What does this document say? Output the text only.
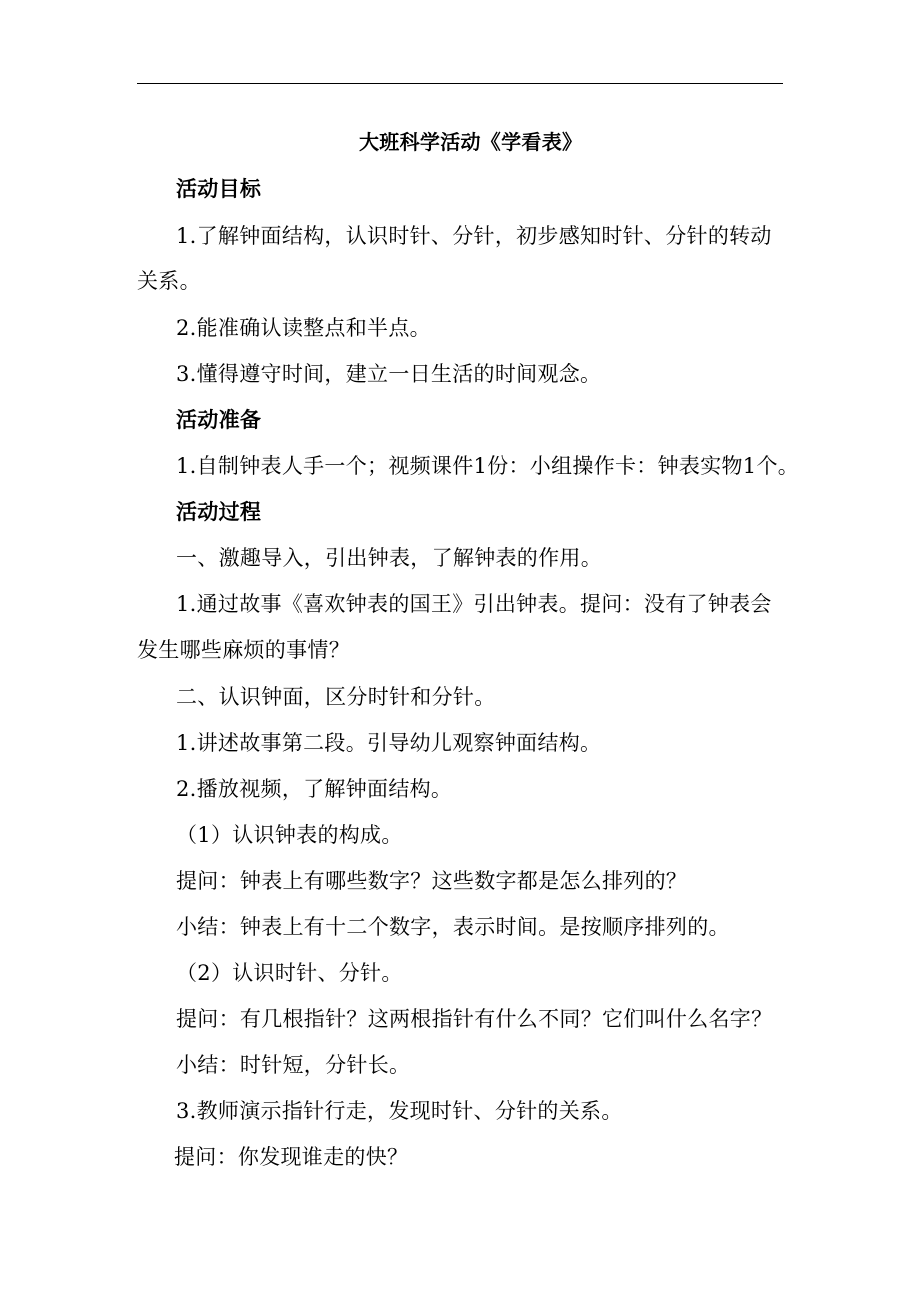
大班科学活动《学看表》
活动目标
1.了解钟面结构，认识时针、分针，初步感知时针、分针的转动
关系。
2.能准确认读整点和半点。
3.懂得遵守时间，建立一日生活的时间观念。
活动准备
1.自制钟表人手一个；视频课件1份：小组操作卡：钟表实物1个。
活动过程
一、激趣导入，引出钟表，了解钟表的作用。
1.通过故事《喜欢钟表的国王》引出钟表。提问：没有了钟表会
发生哪些麻烦的事情？
二、认识钟面，区分时针和分针。
1.讲述故事第二段。引导幼儿观察钟面结构。
2.播放视频，了解钟面结构。
（1）认识钟表的构成。
提问：钟表上有哪些数字？这些数字都是怎么排列的？
小结：钟表上有十二个数字，表示时间。是按顺序排列的。
（2）认识时针、分针。
提问：有几根指针？这两根指针有什么不同？它们叫什么名字？
小结：时针短，分针长。
3.教师演示指针行走，发现时针、分针的关系。
提问：你发现谁走的快？
